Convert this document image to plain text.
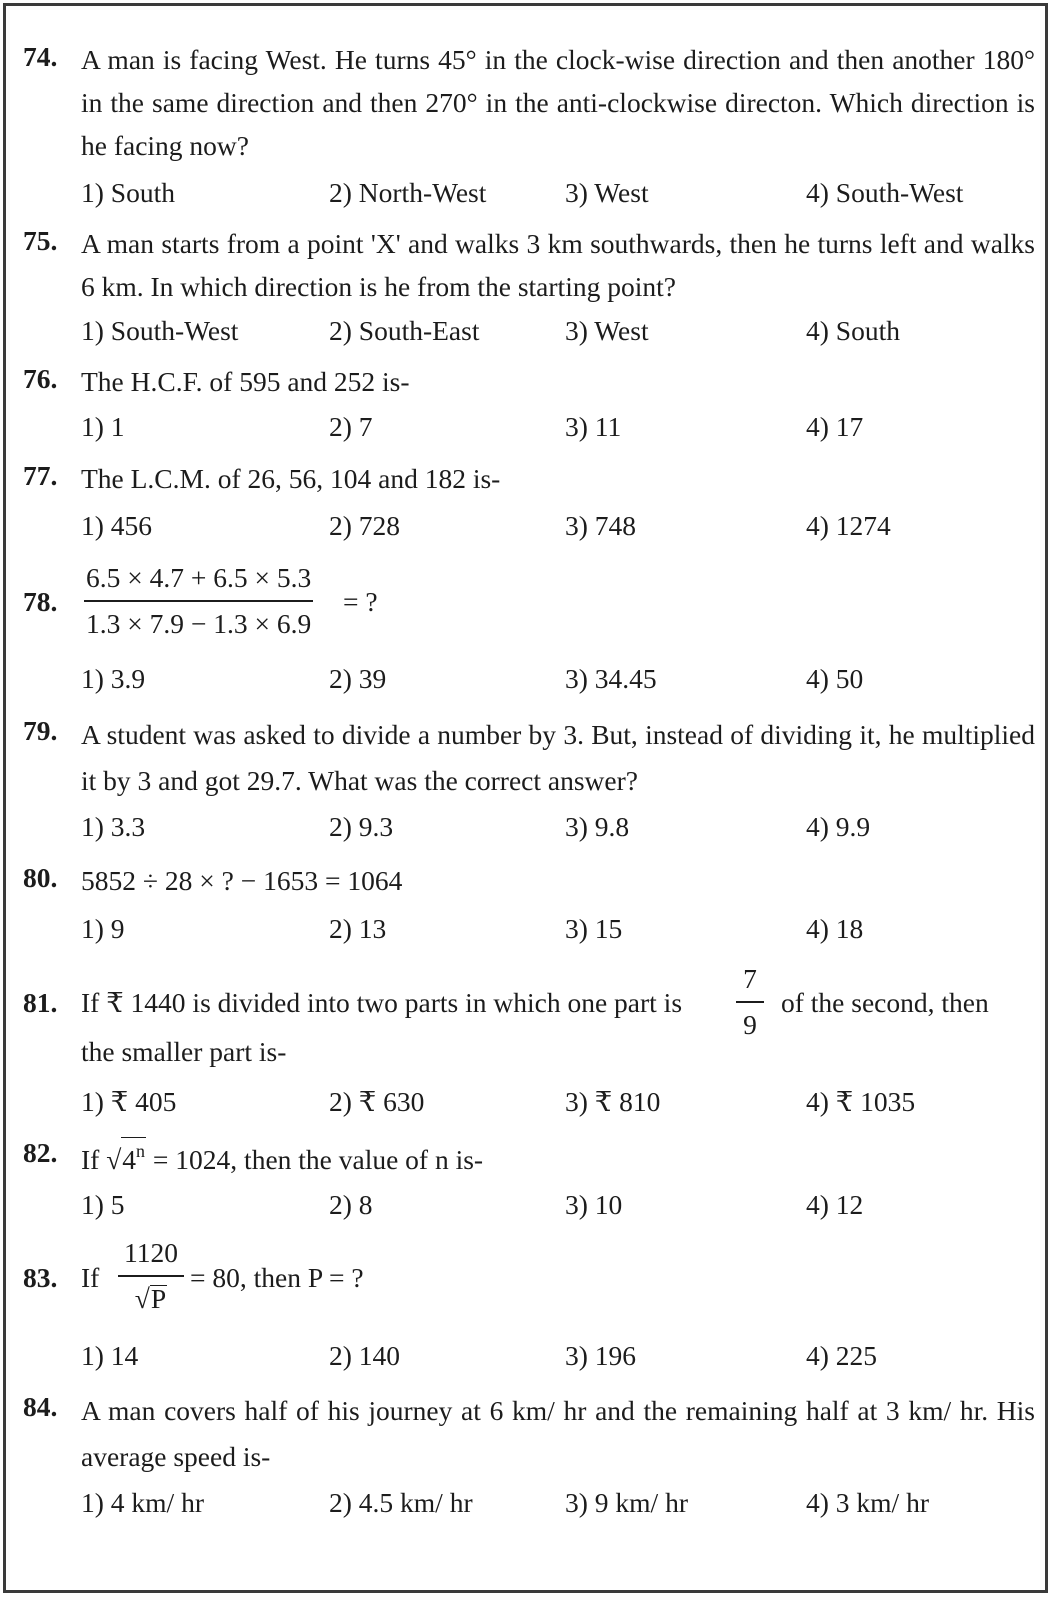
74. A man is facing West. He turns 45° in the clock-wise direction and then another 180° in the same direction and then 270° in the anti-clockwise directon. Which direction is he facing now?
1) South	2) North-West	3) West	4) South-West
75. A man starts from a point 'X' and walks 3 km southwards, then he turns left and walks 6 km. In which direction is he from the starting point?
1) South-West	2) South-East	3) West	4) South
76. The H.C.F. of 595 and 252 is-
1) 1	2) 7	3) 11	4) 17
77. The L.C.M. of 26, 56, 104 and 182 is-
1) 456	2) 728	3) 748	4) 1274
78. $\frac{6.5 \times 4.7 + 6.5 \times 5.3}{1.3 \times 7.9 - 1.3 \times 6.9}$ = ?
1) 3.9	2) 39	3) 34.45	4) 50
79. A student was asked to divide a number by 3. But, instead of dividing it, he multiplied it by 3 and got 29.7. What was the correct answer?
1) 3.3	2) 9.3	3) 9.8	4) 9.9
80. 5852 ÷ 28 × ? − 1653 = 1064
1) 9	2) 13	3) 15	4) 18
81. If ₹ 1440 is divided into two parts in which one part is $\frac{7}{9}$ of the second, then
the smaller part is-
1) ₹ 405	2) ₹ 630	3) ₹ 810	4) ₹ 1035
82. If $√4^n = 1024$, then the value of n is-
1) 5	2) 8	3) 10	4) 12
83. If $\frac{1120}{√P} = 80$, then P = ?
1) 14	2) 140	3) 196	4) 225
84. A man covers half of his journey at 6 km/ hr and the remaining half at 3 km/ hr. His average speed is-
1) 4 km/ hr	2) 4.5 km/ hr	3) 9 km/ hr	4) 3 km/ hr
